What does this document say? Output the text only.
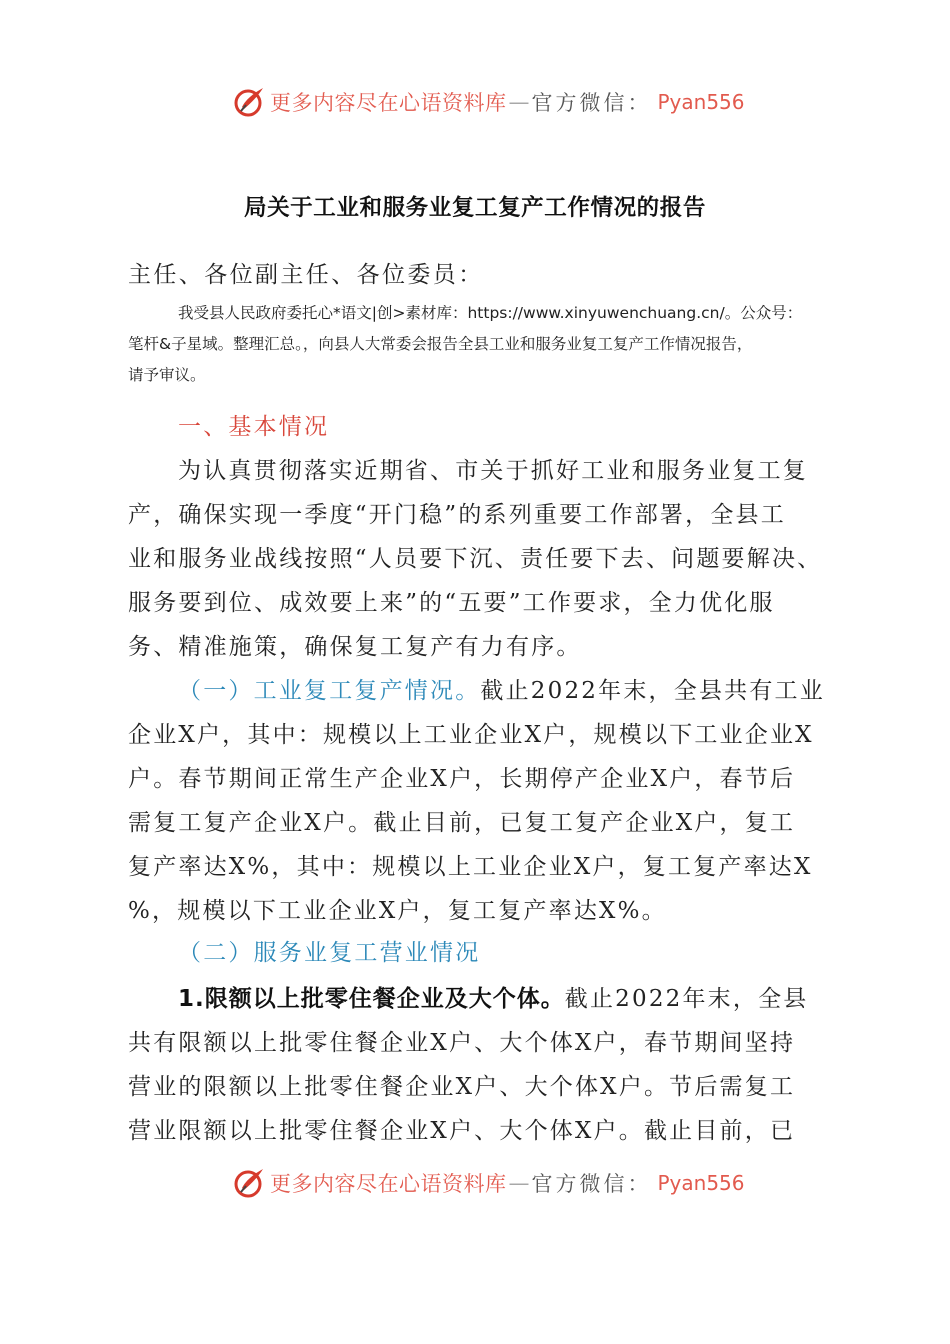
更多内容尽在心语资料库 — 官方微信： Pyan556
局关于工业和服务业复工复产工作情况的报告
主任、各位副主任、各位委员：
我受县人民政府委托心*语文|创>素材库：https://www.xinyuwenchuang.cn/。公众号：
笔杆&子星域。整理汇总。，向县人大常委会报告全县工业和服务业复工复产工作情况报告，
请予审议。
一、基本情况
为认真贯彻落实近期省、市关于抓好工业和服务业复工复
产，确保实现一季度“开门稳”的系列重要工作部署，全县工
业和服务业战线按照“人员要下沉、责任要下去、问题要解决、
服务要到位、成效要上来”的“五要”工作要求，全力优化服
务、精准施策，确保复工复产有力有序。
（一）工业复工复产情况。截止2022年末，全县共有工业
企业X户，其中：规模以上工业企业X户，规模以下工业企业X
户。春节期间正常生产企业X户，长期停产企业X户，春节后
需复工复产企业X户。截止目前，已复工复产企业X户，复工
复产率达X%，其中：规模以上工业企业X户，复工复产率达X
%，规模以下工业企业X户，复工复产率达X%。
（二）服务业复工营业情况
1.限额以上批零住餐企业及大个体。截止2022年末，全县
共有限额以上批零住餐企业X户、大个体X户，春节期间坚持
营业的限额以上批零住餐企业X户、大个体X户。节后需复工
营业限额以上批零住餐企业X户、大个体X户。截止目前，已
更多内容尽在心语资料库 — 官方微信： Pyan556
